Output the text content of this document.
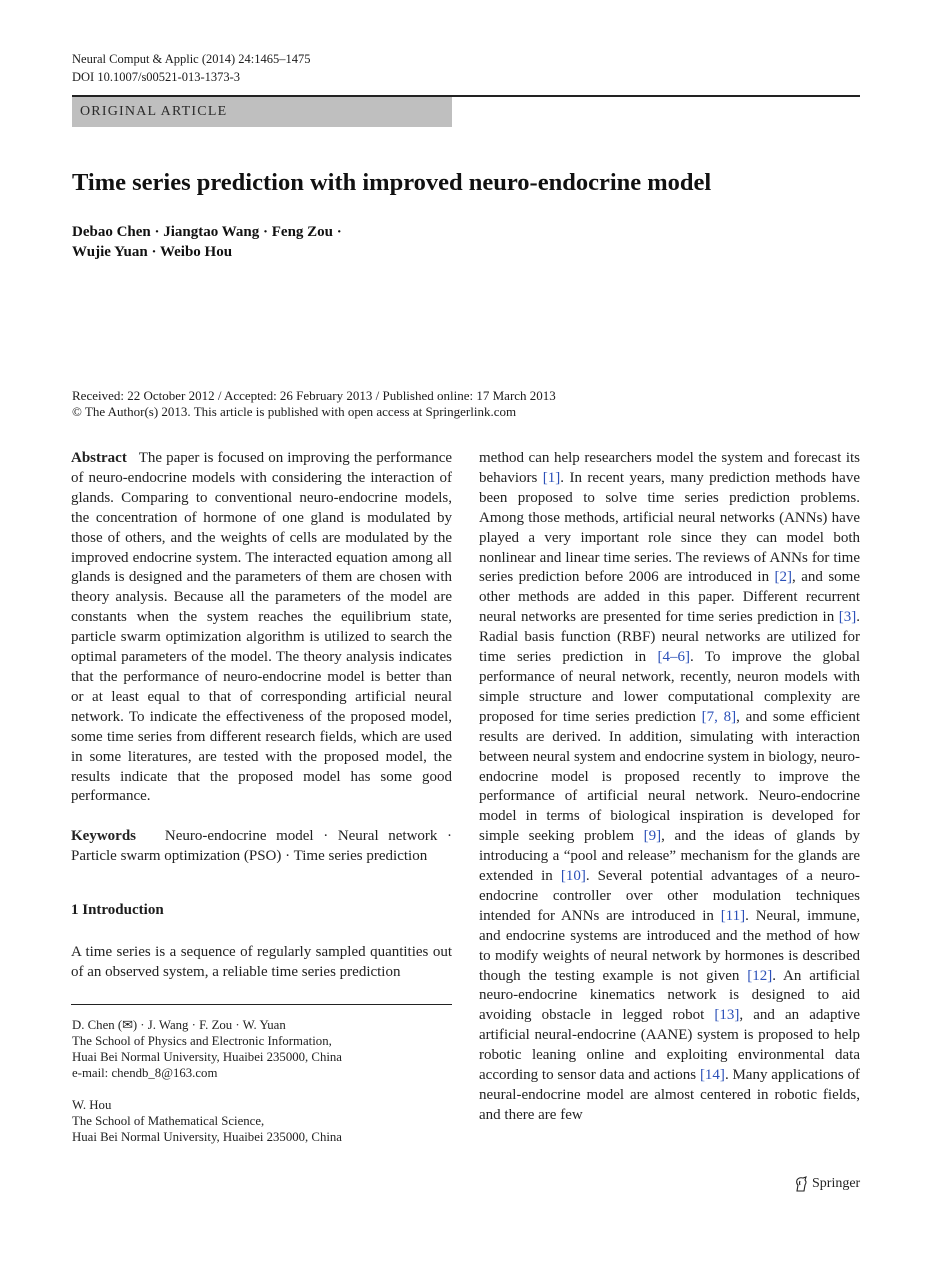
Neural Comput & Applic (2014) 24:1465–1475
DOI 10.1007/s00521-013-1373-3
ORIGINAL ARTICLE
Time series prediction with improved neuro-endocrine model
Debao Chen · Jiangtao Wang · Feng Zou ·
Wujie Yuan · Weibo Hou
Received: 22 October 2012 / Accepted: 26 February 2013 / Published online: 17 March 2013
© The Author(s) 2013. This article is published with open access at Springerlink.com
Abstract The paper is focused on improving the performance of neuro-endocrine models with considering the interaction of glands. Comparing to conventional neuro-endocrine models, the concentration of hormone of one gland is modulated by those of others, and the weights of cells are modulated by the improved endocrine system. The interacted equation among all glands is designed and the parameters of them are chosen with theory analysis. Because all the parameters of the model are constants when the system reaches the equilibrium state, particle swarm optimization algorithm is utilized to search the optimal parameters of the model. The theory analysis indicates that the performance of neuro-endocrine model is better than or at least equal to that of corresponding artificial neural network. To indicate the effectiveness of the proposed model, some time series from different research fields, which are used in some literatures, are tested with the proposed model, the results indicate that the proposed model has some good performance.
Keywords Neuro-endocrine model · Neural network · Particle swarm optimization (PSO) · Time series prediction
1 Introduction
A time series is a sequence of regularly sampled quantities out of an observed system, a reliable time series prediction
D. Chen (✉) · J. Wang · F. Zou · W. Yuan
The School of Physics and Electronic Information,
Huai Bei Normal University, Huaibei 235000, China
e-mail: chendb_8@163.com
W. Hou
The School of Mathematical Science,
Huai Bei Normal University, Huaibei 235000, China
method can help researchers model the system and forecast its behaviors [1]. In recent years, many prediction methods have been proposed to solve time series prediction problems. Among those methods, artificial neural networks (ANNs) have played a very important role since they can model both nonlinear and linear time series. The reviews of ANNs for time series prediction before 2006 are introduced in [2], and some other methods are added in this paper. Different recurrent neural networks are presented for time series prediction in [3]. Radial basis function (RBF) neural networks are utilized for time series prediction in [4–6]. To improve the global performance of neural network, recently, neuron models with simple structure and lower computational complexity are proposed for time series prediction [7, 8], and some efficient results are derived. In addition, simulating with interaction between neural system and endocrine system in biology, neuro-endocrine model is proposed recently to improve the performance of artificial neural network. Neuro-endocrine model in terms of biological inspiration is developed for simple seeking problem [9], and the ideas of glands by introducing a “pool and release” mechanism for the glands are extended in [10]. Several potential advantages of a neuro-endocrine controller over other modulation techniques intended for ANNs are introduced in [11]. Neural, immune, and endocrine systems are introduced and the method of how to modify weights of neural network by hormones is described though the testing example is not given [12]. An artificial neuro-endocrine kinematics network is designed to aid avoiding obstacle in legged robot [13], and an adaptive artificial neural-endocrine (AANE) system is proposed to help robotic leaning online and exploiting environmental data according to sensor data and actions [14]. Many applications of neural-endocrine model are almost centered in robotic fields, and there are few
Springer
